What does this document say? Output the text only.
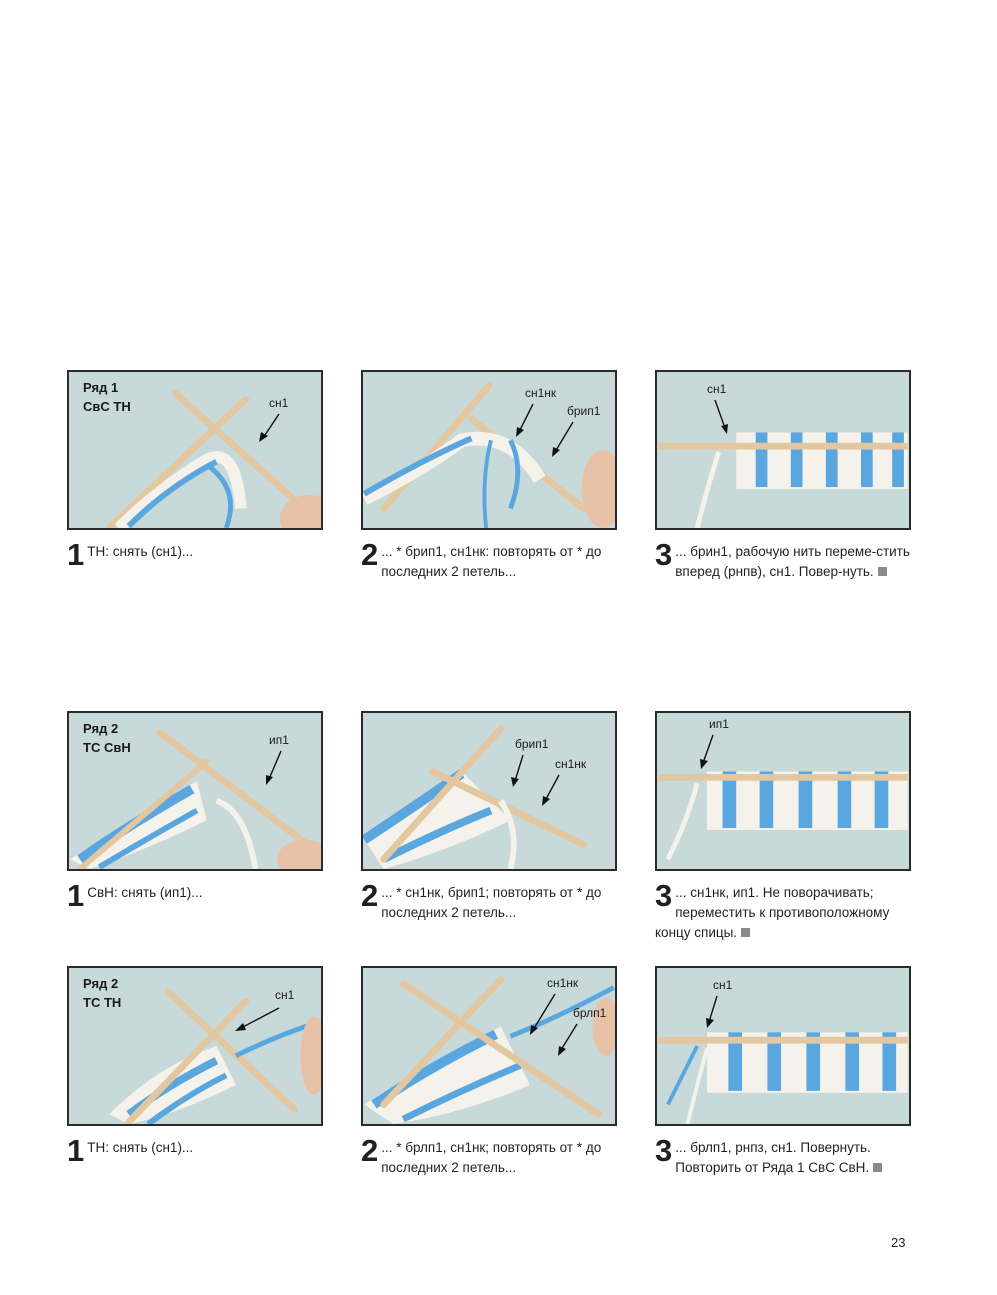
Ряд 1
СвС ТН	сн1
сн1нк
брип1
сн1
1 ТН: снять (сн1)...	2 ... * брип1, сн1нк: повторять от * до последних 2 петель...	3 ... брин1, рабочую нить переме-стить вперед (рнпв), сн1. Повер-нуть.
Ряд 2
ТС СвН	ип1	брип1
сн1нк
ип1
1 СвН: снять (ип1)...	2 ... * сн1нк, брип1; повторять от * до последних 2 петель...	3 ... сн1нк, ип1. Не поворачивать; переместить к противоположному концу спицы.
Ряд 2
ТС ТН	сн1
сн1нк
брлп1
сн1
1 ТН: снять (сн1)...	2 ... * брлп1, сн1нк; повторять от * до последних 2 петель...	3 ... брлп1, рнпз, сн1. Повернуть. Повторить от Ряда 1 СвС СвН.
23
